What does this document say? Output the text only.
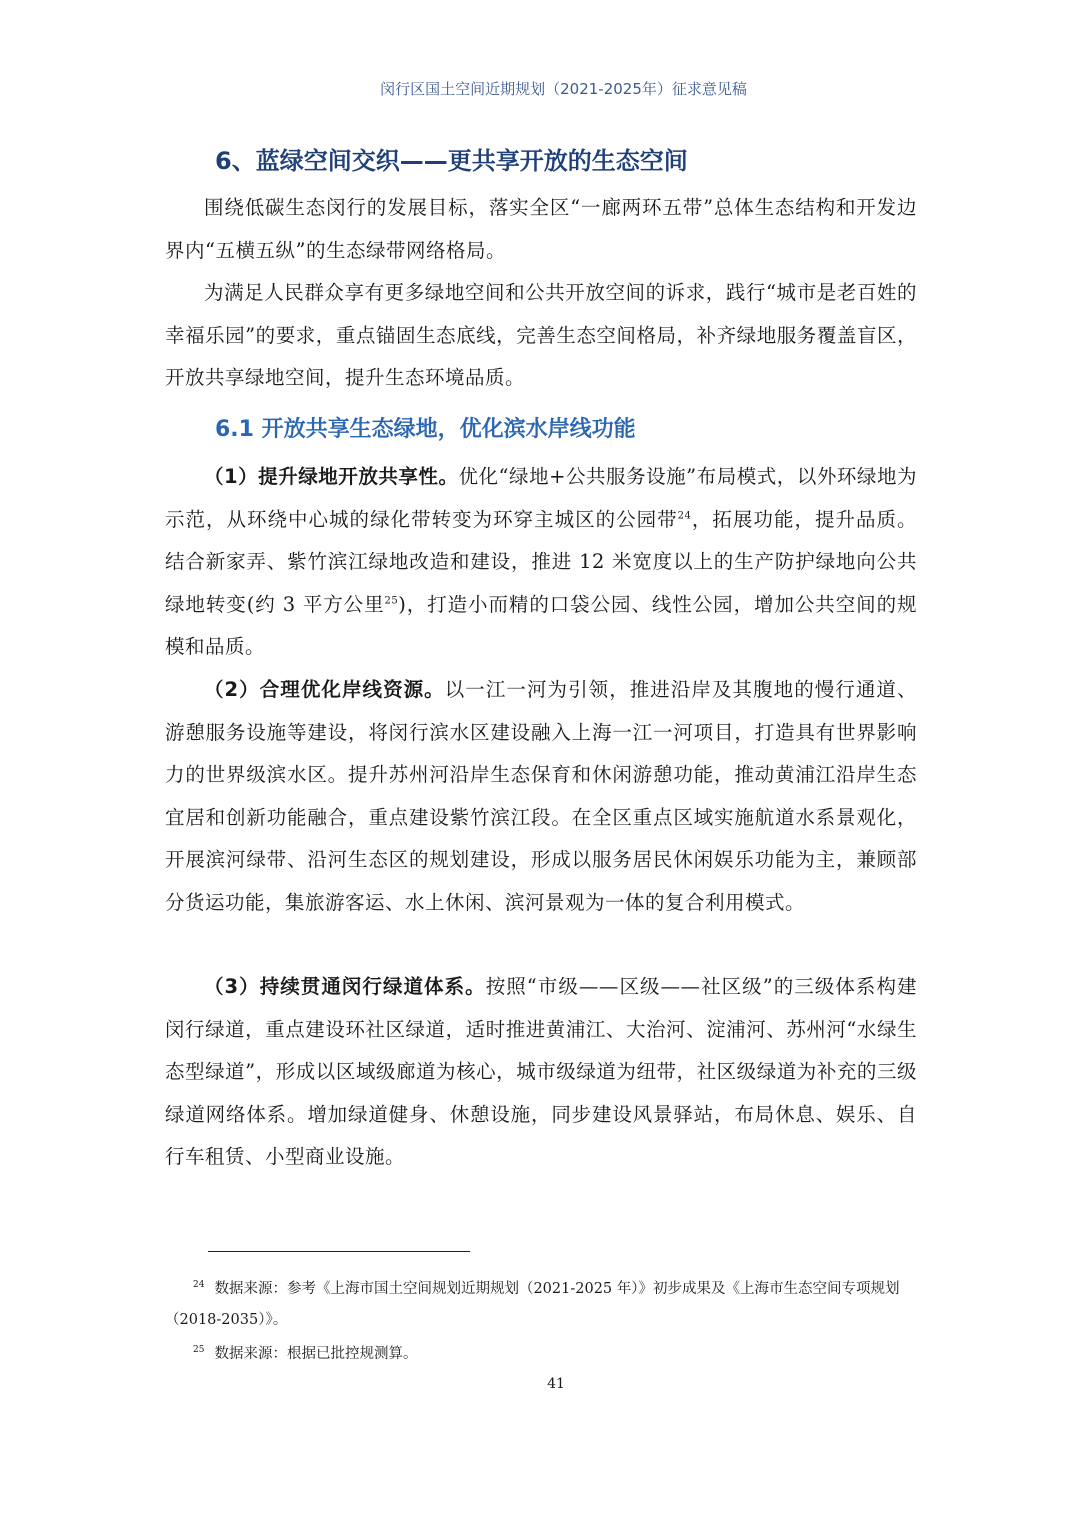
闵行区国土空间近期规划（2021-2025年）征求意见稿
6、蓝绿空间交织——更共享开放的生态空间

围绕低碳生态闵行的发展目标，落实全区“一廊两环五带”总体生态结构和开发边界内“五横五纵”的生态绿带网络格局。

为满足人民群众享有更多绿地空间和公共开放空间的诉求，践行“城市是老百姓的幸福乐园”的要求，重点锚固生态底线，完善生态空间格局，补齐绿地服务覆盖盲区，开放共享绿地空间，提升生态环境品质。

6.1 开放共享生态绿地，优化滨水岸线功能

（1）提升绿地开放共享性。优化“绿地+公共服务设施”布局模式，以外环绿地为示范，从环绕中心城的绿化带转变为环穿主城区的公园带$^{24}$，拓展功能，提升品质。结合新家弄、紫竹滨江绿地改造和建设，推进 12 米宽度以上的生产防护绿地向公共绿地转变(约 3 平方公里$^{25}$)，打造小而精的口袋公园、线性公园，增加公共空间的规模和品质。

（2）合理优化岸线资源。以一江一河为引领，推进沿岸及其腹地的慢行通道、游憩服务设施等建设，将闵行滨水区建设融入上海一江一河项目，打造具有世界影响力的世界级滨水区。提升苏州河沿岸生态保育和休闲游憩功能，推动黄浦江沿岸生态宜居和创新功能融合，重点建设紫竹滨江段。在全区重点区域实施航道水系景观化，开展滨河绿带、沿河生态区的规划建设，形成以服务居民休闲娱乐功能为主，兼顾部分货运功能，集旅游客运、水上休闲、滨河景观为一体的复合利用模式。

（3）持续贯通闵行绿道体系。按照“市级——区级——社区级”的三级体系构建闵行绿道，重点建设环社区绿道，适时推进黄浦江、大治河、淀浦河、苏州河“水绿生态型绿道”，形成以区域级廊道为核心，城市级绿道为纽带，社区级绿道为补充的三级绿道网络体系。增加绿道健身、休憩设施，同步建设风景驿站，布局休息、娱乐、自行车租赁、小型商业设施。

$^{24}$ 数据来源：参考《上海市国土空间规划近期规划（2021-2025 年）》初步成果及《上海市生态空间专项规划（2018-2035）》。

$^{25}$ 数据来源：根据已批控规测算。

41
